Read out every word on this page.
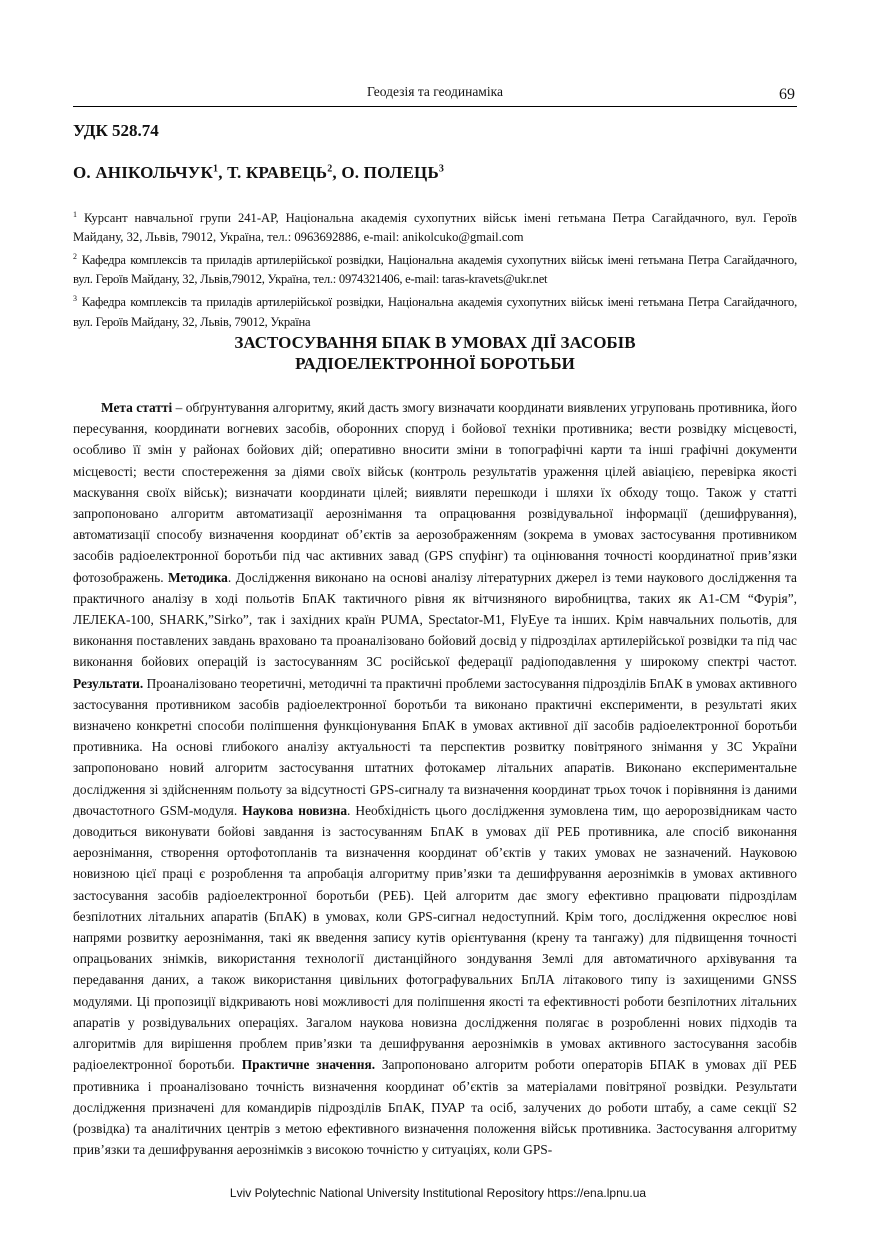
Геодезія та геодинаміка	69
УДК 528.74
О. АНІКОЛЬЧУК$^1$, Т. КРАВЕЦЬ$^2$, О. ПОЛЕЦЬ$^3$

$^1$ Курсант навчальної групи 241-АР, Національна академія сухопутних військ імені гетьмана Петра Сагайдачного, вул. Героїв Майдану, 32, Львів, 79012, Україна, тел.: 0963692886, e-mail: anikolcuko@gmail.com

$^2$ Кафедра комплексів та приладів артилерійської розвідки, Національна академія сухопутних військ імені гетьмана Петра Сагайдачного, вул. Героїв Майдану, 32, Львів,79012, Україна, тел.: 0974321406, e-mail: taras-kravets@ukr.net

$^3$ Кафедра комплексів та приладів артилерійської розвідки, Національна академія сухопутних військ імені гетьмана Петра Сагайдачного, вул. Героїв Майдану, 32, Львів, 79012, Україна

ЗАСТОСУВАННЯ БПАК В УМОВАХ ДІЇ ЗАСОБІВ
РАДІОЕЛЕКТРОННОЇ БОРОТЬБИ

Мета статті – обґрунтування алгоритму, який дасть змогу визначати координати виявлених угруповань противника, його пересування, координати вогневих засобів, оборонних споруд і бойової техніки противника; вести розвідку місцевості, особливо її змін у районах бойових дій; оперативно вносити зміни в топографічні карти та інші графічні документи місцевості; вести спостереження за діями своїх військ (контроль результатів ураження цілей авіацією, перевірка якості маскування своїх військ); визначати координати цілей; виявляти перешкоди і шляхи їх обходу тощо. Також у статті запропоновано алгоритм автоматизації аерознімання та опрацювання розвідувальної інформації (дешифрування), автоматизації способу визначення координат об’єктів за аерозображенням (зокрема в умовах застосування противником засобів радіоелектронної боротьби під час активних завад (GPS спуфінг) та оцінювання точності координатної прив’язки фотозображень. Методика. Дослідження виконано на основі аналізу літературних джерел із теми наукового дослідження та практичного аналізу в ході польотів БпАК тактичного рівня як вітчизняного виробництва, таких як А1-СМ “Фурія”, ЛЕЛЕКА-100, SHARK,”Sirko”, так і західних країн PUMA, Spectator-M1, FlyEye та інших. Крім навчальних польотів, для виконання поставлених завдань враховано та проаналізовано бойовий досвід у підрозділах артилерійської розвідки та під час виконання бойових операцій із застосуванням ЗС російської федерації радіоподавлення у широкому спектрі частот. Результати. Проаналізовано теоретичні, методичні та практичні проблеми застосування підрозділів БпАК в умовах активного застосування противником засобів радіоелектронної боротьби та виконано практичні експерименти, в результаті яких визначено конкретні способи поліпшення функціонування БпАК в умовах активної дії засобів радіоелектронної боротьби противника. На основі глибокого аналізу актуальності та перспектив розвитку повітряного знімання у ЗС України запропоновано новий алгоритм застосування штатних фотокамер літальних апаратів. Виконано експериментальне дослідження зі здійсненням польоту за відсутності GPS-сигналу та визначення координат трьох точок і порівняння із даними двочастотного GSM-модуля. Наукова новизна. Необхідність цього дослідження зумовлена тим, що аеророзвідникам часто доводиться виконувати бойові завдання із застосуванням БпАК в умовах дії РЕБ противника, але спосіб виконання аерознімання, створення ортофотопланів та визначення координат об’єктів у таких умовах не зазначений. Науковою новизною цієї праці є розроблення та апробація алгоритму прив’язки та дешифрування аерознімків в умовах активного застосування засобів радіоелектронної боротьби (РЕБ). Цей алгоритм дає змогу ефективно працювати підрозділам безпілотних літальних апаратів (БпАК) в умовах, коли GPS-сигнал недоступний. Крім того, дослідження окреслює нові напрями розвитку аерознімання, такі як введення запису кутів орієнтування (крену та тангажу) для підвищення точності опрацьованих знімків, використання технології дистанційного зондування Землі для автоматичного архівування та передавання даних, а також використання цивільних фотографувальних БпЛА літакового типу із захищеними GNSS модулями. Ці пропозиції відкривають нові можливості для поліпшення якості та ефективності роботи безпілотних літальних апаратів у розвідувальних операціях. Загалом наукова новизна дослідження полягає в розробленні нових підходів та алгоритмів для вирішення проблем прив’язки та дешифрування аерознімків в умовах активного застосування засобів радіоелектронної боротьби. Практичне значення. Запропоновано алгоритм роботи операторів БПАК в умовах дії РЕБ противника і проаналізовано точність визначення координат об’єктів за матеріалами повітряної розвідки. Результати дослідження призначені для командирів підрозділів БпАК, ПУАР та осіб, залучених до роботи штабу, а саме секції S2 (розвідка) та аналітичних центрів з метою ефективного визначення положення військ противника. Застосування алгоритму прив’язки та дешифрування аерознімків з високою точністю у ситуаціях, коли GPS-

Lviv Polytechnic National University Institutional Repository https://ena.lpnu.ua
